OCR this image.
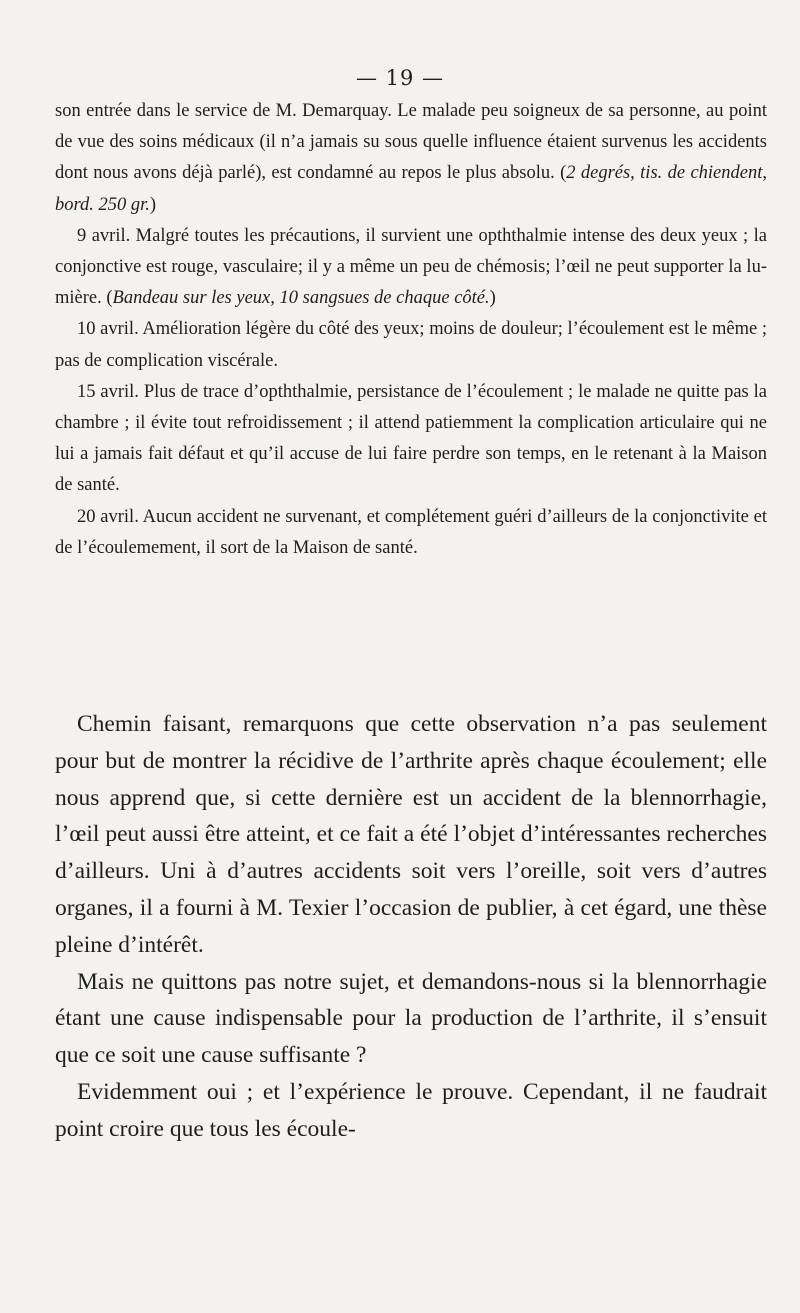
— 19 —

son entrée dans le service de M. Demarquay. Le malade peu soigneux de sa personne, au point de vue des soins médicaux (il n’a jamais su sous quelle influence étaient survenus les accidents dont nous avons déjà parlé), est condamné au repos le plus absolu. (2 degrés, tis. de chiendent, bord. 250 gr.)

9 avril. Malgré toutes les précautions, il survient une opththalmie intense des deux yeux ; la conjonctive est rouge, vasculaire; il y a même un peu de chémosis; l’œil ne peut supporter la lumière. (Bandeau sur les yeux, 10 sangsues de chaque côté.)

10 avril. Amélioration légère du côté des yeux; moins de douleur; l’écoulement est le même ; pas de complication viscérale.

15 avril. Plus de trace d’opththalmie, persistance de l’écoulement ; le malade ne quitte pas la chambre ; il évite tout refroidissement ; il attend patiemment la complication articulaire qui ne lui a jamais fait défaut et qu’il accuse de lui faire perdre son temps, en le retenant à la Maison de santé.

20 avril. Aucun accident ne survenant, et complétement guéri d’ailleurs de la conjonctivite et de l’écoulemement, il sort de la Maison de santé.

Chemin faisant, remarquons que cette observation n’a pas seulement pour but de montrer la récidive de l’arthrite après chaque écoulement; elle nous apprend que, si cette dernière est un accident de la blennorrhagie, l’œil peut aussi être atteint, et ce fait a été l’objet d’intéressantes recherches d’ailleurs. Uni à d’autres accidents soit vers l’oreille, soit vers d’autres organes, il a fourni à M. Texier l’occasion de publier, à cet égard, une thèse pleine d’intérêt.

Mais ne quittons pas notre sujet, et demandons-nous si la blennorrhagie étant une cause indispensable pour la production de l’arthrite, il s’ensuit que ce soit une cause suffisante ?

Evidemment oui ; et l’expérience le prouve. Cependant, il ne faudrait point croire que tous les écoule-
